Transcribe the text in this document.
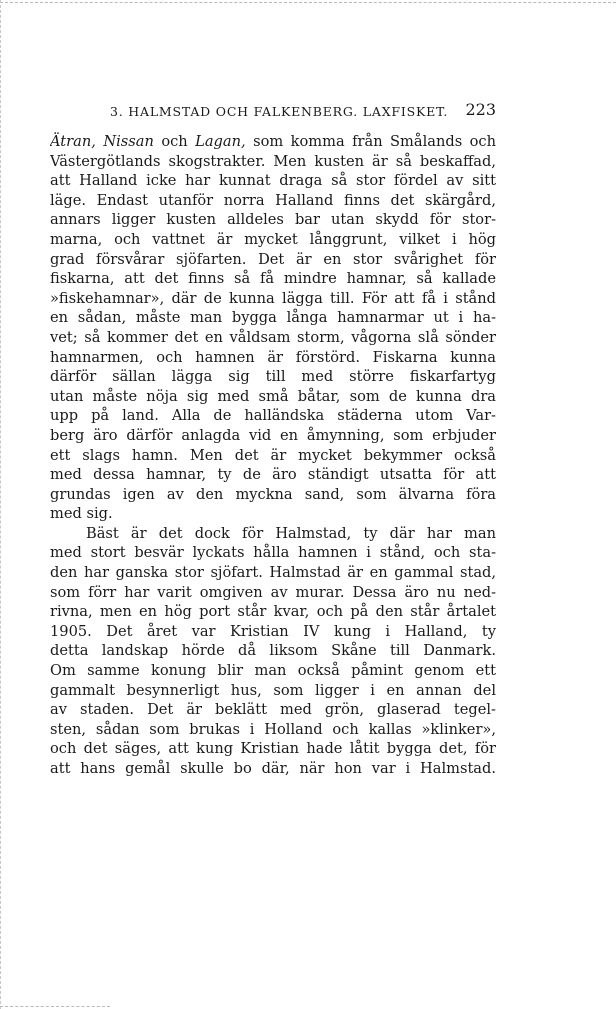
3. HALMSTAD OCH FALKENBERG. LAXFISKET. 223

Ätran, Nissan och Lagan, som komma från Smålands och
Västergötlands skogstrakter. Men kusten är så beskaffad,
att Halland icke har kunnat draga så stor fördel av sitt
läge. Endast utanför norra Halland finns det skärgård,
annars ligger kusten alldeles bar utan skydd för stor-
marna, och vattnet är mycket långgrunt, vilket i hög
grad försvårar sjöfarten. Det är en stor svårighet för
fiskarna, att det finns så få mindre hamnar, så kallade
»fiskehamnar», där de kunna lägga till. För att få i stånd
en sådan, måste man bygga långa hamnarmar ut i ha-
vet; så kommer det en våldsam storm, vågorna slå sönder
hamnarmen, och hamnen är förstörd. Fiskarna kunna
därför sällan lägga sig till med större fiskarfartyg
utan måste nöja sig med små båtar, som de kunna dra
upp på land. Alla de halländska städerna utom Var-
berg äro därför anlagda vid en åmynning, som erbjuder
ett slags hamn. Men det är mycket bekymmer också
med dessa hamnar, ty de äro ständigt utsatta för att
grundas igen av den myckna sand, som älvarna föra
med sig.

Bäst är det dock för Halmstad, ty där har man
med stort besvär lyckats hålla hamnen i stånd, och sta-
den har ganska stor sjöfart. Halmstad är en gammal stad,
som förr har varit omgiven av murar. Dessa äro nu ned-
rivna, men en hög port står kvar, och på den står årtalet
1905. Det året var Kristian IV kung i Halland, ty
detta landskap hörde då liksom Skåne till Danmark.
Om samme konung blir man också påmint genom ett
gammalt besynnerligt hus, som ligger i en annan del
av staden. Det är beklätt med grön, glaserad tegel-
sten, sådan som brukas i Holland och kallas »klinker»,
och det säges, att kung Kristian hade låtit bygga det, för
att hans gemål skulle bo där, när hon var i Halmstad.
